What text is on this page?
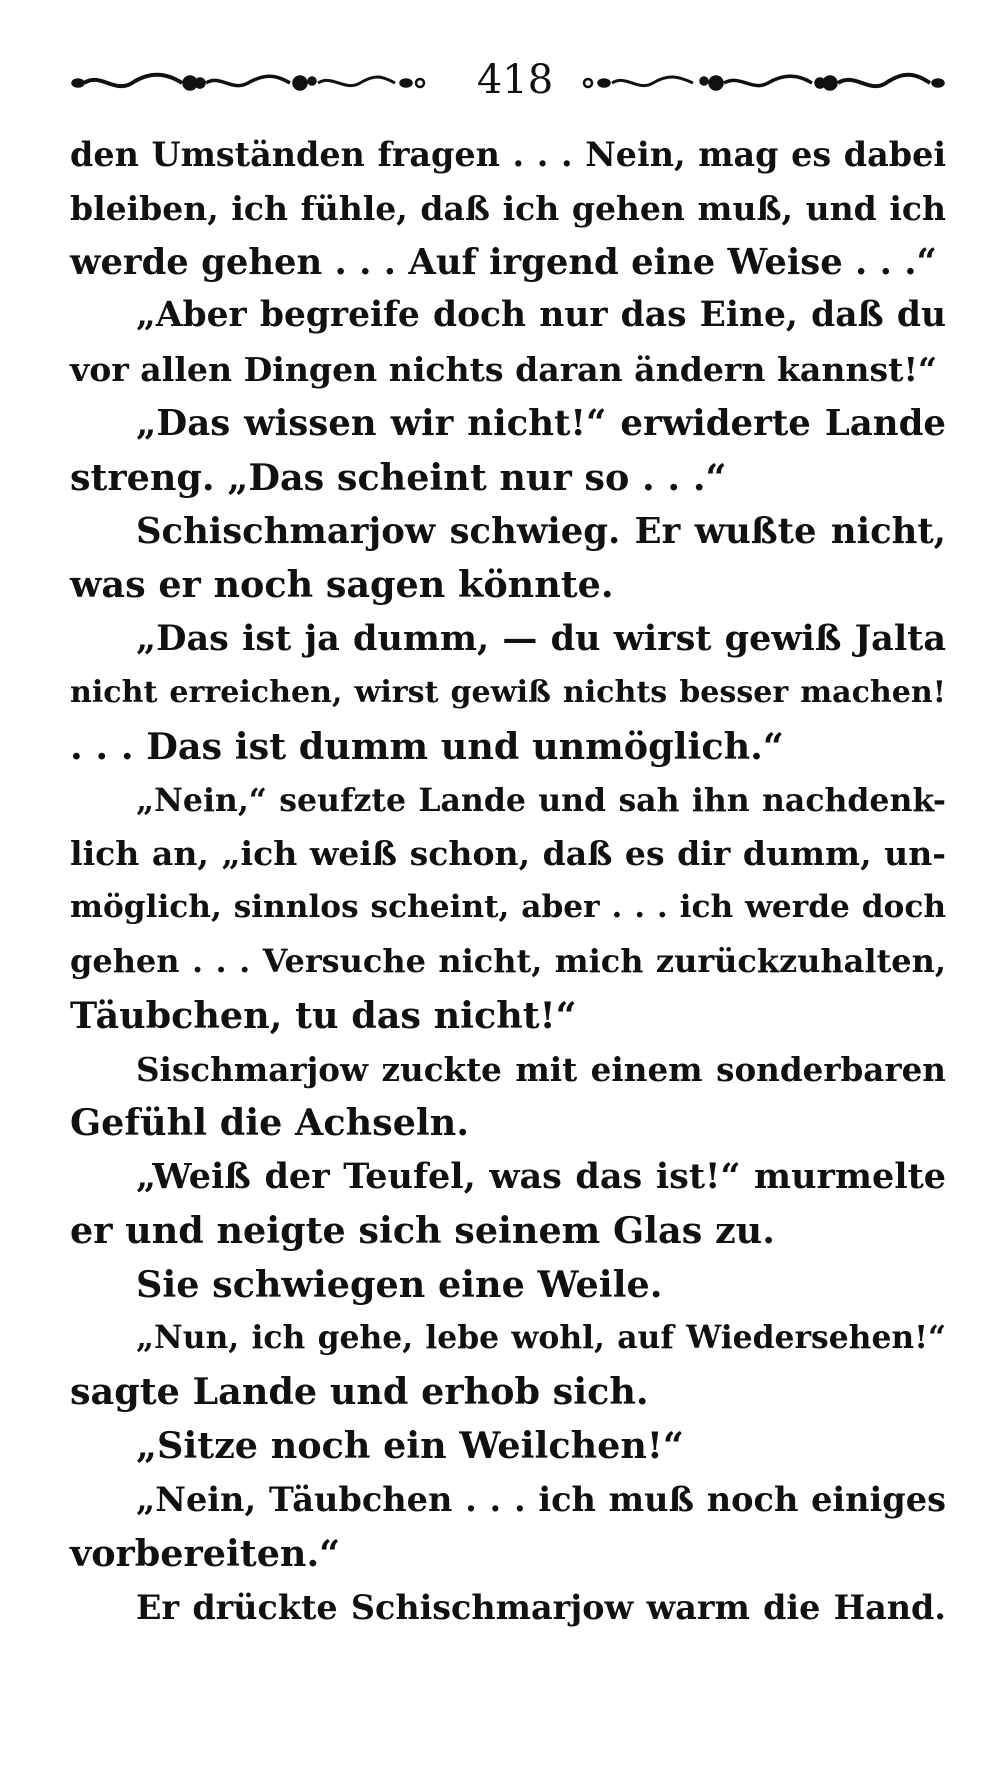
418
den Umständen fragen . . . Nein, mag es dabei
bleiben, ich fühle, daß ich gehen muß, und ich
werde gehen . . . Auf irgend eine Weise . . .“
„Aber begreife doch nur das Eine, daß du
vor allen Dingen nichts daran ändern kannst!“
„Das wissen wir nicht!“ erwiderte Lande
streng. „Das scheint nur so . . .“
Schischmarjow schwieg. Er wußte nicht,
was er noch sagen könnte.
„Das ist ja dumm, — du wirst gewiß Jalta
nicht erreichen, wirst gewiß nichts besser machen!
. . . Das ist dumm und unmöglich.“
„Nein,“ seufzte Lande und sah ihn nachdenk-
lich an, „ich weiß schon, daß es dir dumm, un-
möglich, sinnlos scheint, aber . . . ich werde doch
gehen . . . Versuche nicht, mich zurückzuhalten,
Täubchen, tu das nicht!“
Sischmarjow zuckte mit einem sonderbaren
Gefühl die Achseln.
„Weiß der Teufel, was das ist!“ murmelte
er und neigte sich seinem Glas zu.
Sie schwiegen eine Weile.
„Nun, ich gehe, lebe wohl, auf Wiedersehen!“
sagte Lande und erhob sich.
„Sitze noch ein Weilchen!“
„Nein, Täubchen . . . ich muß noch einiges
vorbereiten.“
Er drückte Schischmarjow warm die Hand.
